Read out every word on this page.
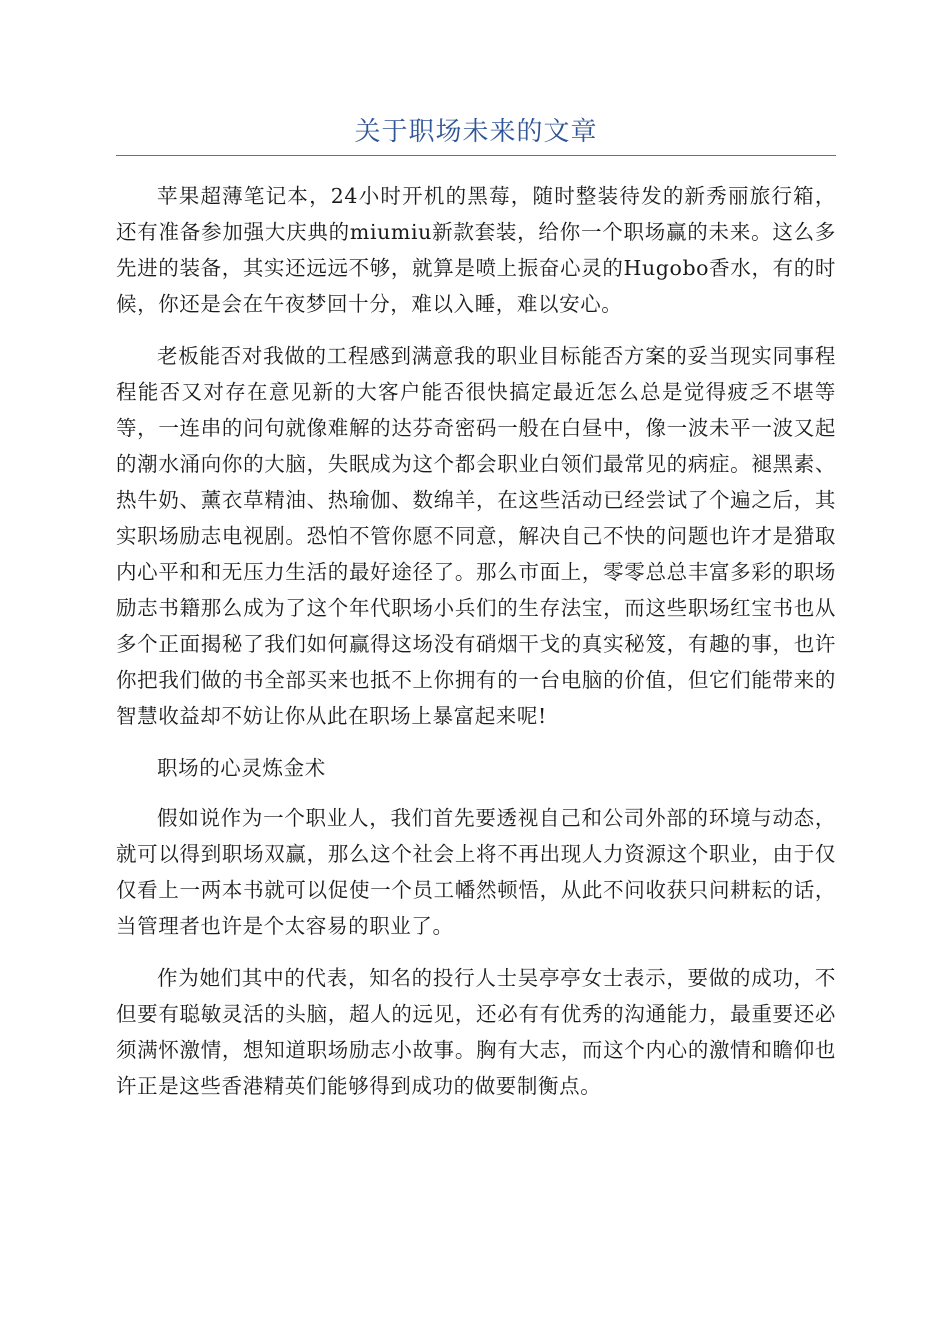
关于职场未来的文章

苹果超薄笔记本，24小时开机的黑莓，随时整装待发的新秀丽旅行箱，还有准备参加强大庆典的miumiu新款套装，给你一个职场赢的未来。这么多先进的装备，其实还远远不够，就算是喷上振奋心灵的Hugobo香水，有的时候，你还是会在午夜梦回十分，难以入睡，难以安心。

老板能否对我做的工程感到满意我的职业目标能否方案的妥当现实同事程程能否又对存在意见新的大客户能否很快搞定最近怎么总是觉得疲乏不堪等等，一连串的问句就像难解的达芬奇密码一般在白昼中，像一波未平一波又起的潮水涌向你的大脑，失眠成为这个都会职业白领们最常见的病症。褪黑素、热牛奶、薰衣草精油、热瑜伽、数绵羊，在这些活动已经尝试了个遍之后，其实职场励志电视剧。恐怕不管你愿不同意，解决自己不快的问题也许才是猎取内心平和和无压力生活的最好途径了。那么市面上，零零总总丰富多彩的职场励志书籍那么成为了这个年代职场小兵们的生存法宝，而这些职场红宝书也从多个正面揭秘了我们如何赢得这场没有硝烟干戈的真实秘笈，有趣的事，也许你把我们做的书全部买来也抵不上你拥有的一台电脑的价值，但它们能带来的智慧收益却不妨让你从此在职场上暴富起来呢!

职场的心灵炼金术

假如说作为一个职业人，我们首先要透视自己和公司外部的环境与动态，就可以得到职场双赢，那么这个社会上将不再出现人力资源这个职业，由于仅仅看上一两本书就可以促使一个员工幡然顿悟，从此不问收获只问耕耘的话，当管理者也许是个太容易的职业了。

作为她们其中的代表，知名的投行人士吴亭亭女士表示，要做的成功，不但要有聪敏灵活的头脑，超人的远见，还必有有优秀的沟通能力，最重要还必须满怀激情，想知道职场励志小故事。胸有大志，而这个内心的激情和瞻仰也许正是这些香港精英们能够得到成功的做要制衡点。
